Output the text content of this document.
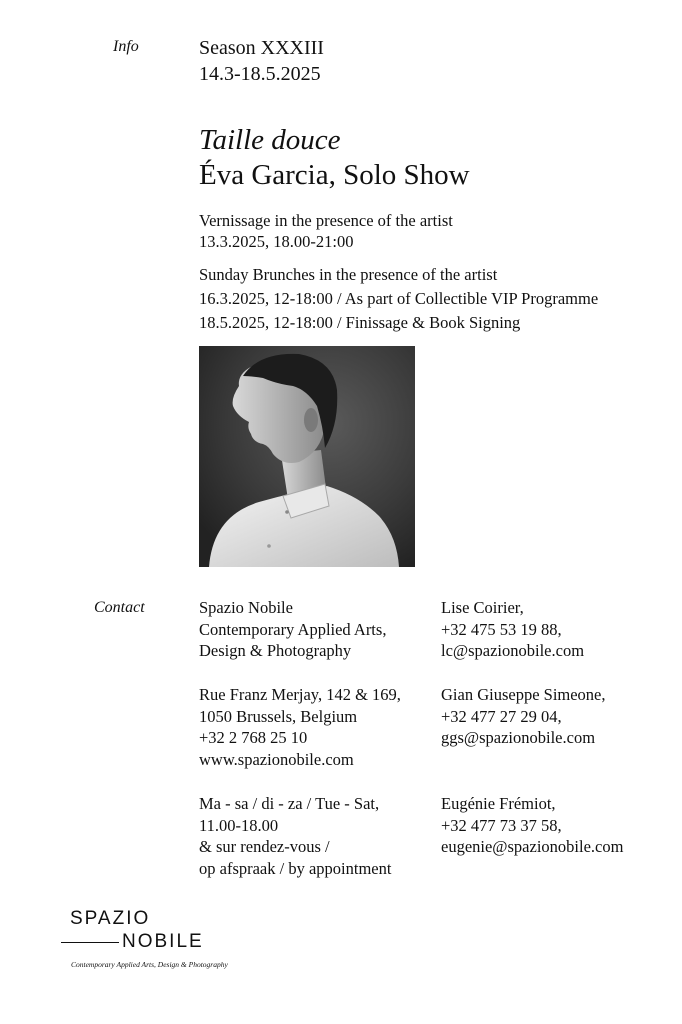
Info	Season XXXIII
14.3-18.5.2025
Taille douce
Éva Garcia, Solo Show
Vernissage in the presence of the artist
13.3.2025, 18.00-21:00
Sunday Brunches in the presence of the artist
16.3.2025, 12-18:00 / As part of Collectible VIP Programme
18.5.2025, 12-18:00 / Finissage & Book Signing
Contact	Spazio Nobile
Contemporary Applied Arts,
Design & Photography
Rue Franz Merjay, 142 & 169,
1050 Brussels, Belgium
+32 2 768 25 10
www.spazionobile.com
Ma - sa / di - za / Tue - Sat,
11.00-18.00
& sur rendez-vous /
op afspraak / by appointment
Lise Coirier,
+32 475 53 19 88,
lc@spazionobile.com
Gian Giuseppe Simeone,
+32 477 27 29 04,
ggs@spazionobile.com
Eugénie Frémiot,
+32 477 73 37 58,
eugenie@spazionobile.com
SPAZIO
NOBILE
Contemporary Applied Arts, Design & Photography
